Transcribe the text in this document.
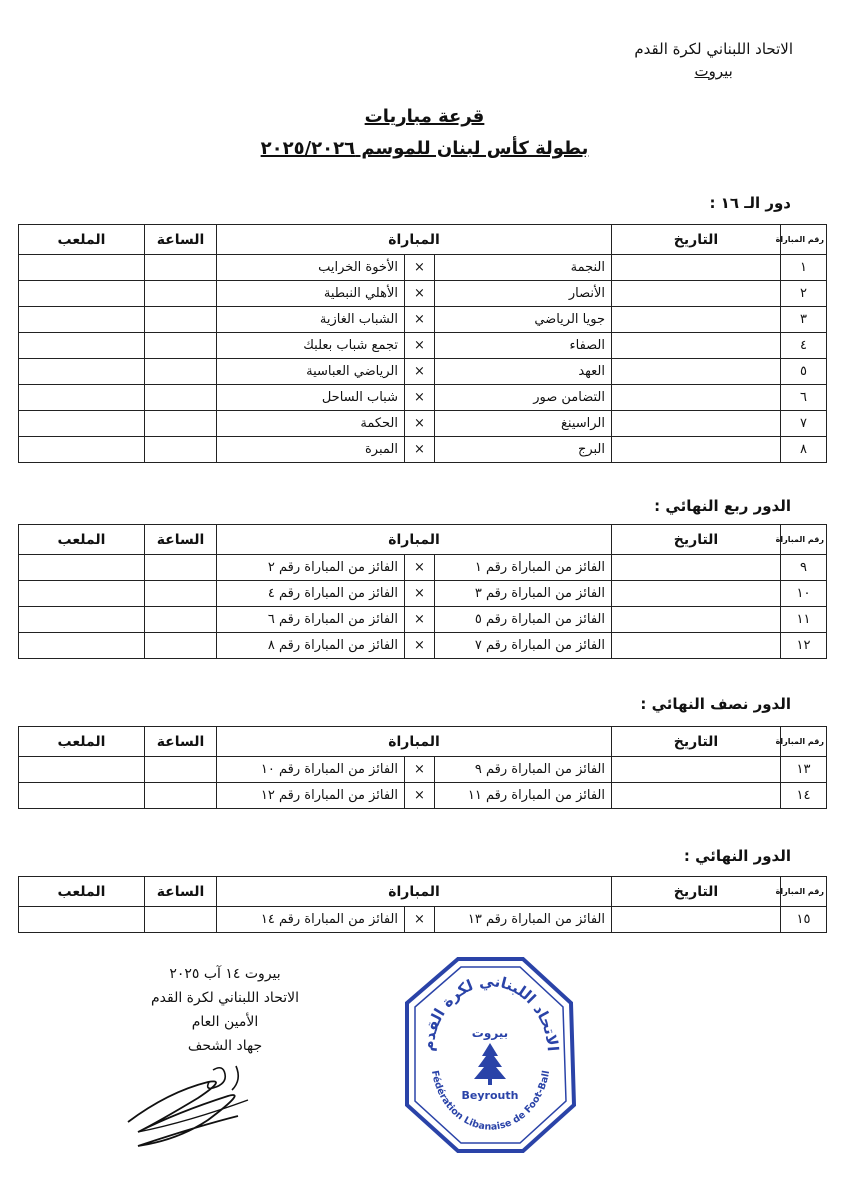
الاتحاد اللبناني لكرة القدم
بيروت
قرعة مباريات
بطولة كأس لبنان للموسم ٢٠٢٥/٢٠٢٦
دور الـ ١٦ :
رقم المباراة	التاريخ	المباراة			الساعة	الملعب
١		النجمة	×	الأخوة الخرايب		
٢		الأنصار	×	الأهلي النبطية		
٣		جويا الرياضي	×	الشباب الغازية		
٤		الصفاء	×	تجمع شباب بعلبك		
٥		العهد	×	الرياضي العباسية		
٦		التضامن صور	×	شباب الساحل		
٧		الراسينغ	×	الحكمة		
٨		البرج	×	المبرة		
الدور ربع النهائي :
رقم المباراة	التاريخ	المباراة			الساعة	الملعب
٩		الفائز من المباراة رقم ١	×	الفائز من المباراة رقم ٢		
١٠		الفائز من المباراة رقم ٣	×	الفائز من المباراة رقم ٤		
١١		الفائز من المباراة رقم ٥	×	الفائز من المباراة رقم ٦		
١٢		الفائز من المباراة رقم ٧	×	الفائز من المباراة رقم ٨		
الدور نصف النهائي :
رقم المباراة	التاريخ	المباراة			الساعة	الملعب
١٣		الفائز من المباراة رقم ٩	×	الفائز من المباراة رقم ١٠		
١٤		الفائز من المباراة رقم ١١	×	الفائز من المباراة رقم ١٢		
الدور النهائي :
رقم المباراة	التاريخ	المباراة			الساعة	الملعب
١٥		الفائز من المباراة رقم ١٣	×	الفائز من المباراة رقم ١٤		
بيروت ١٤ آب ٢٠٢٥
الاتحاد اللبناني لكرة القدم
الأمين العام
جهاد الشحف	الاتحاد اللبناني لكرة القدم
Fédération Libanaise de Foot-Ball
بيروت
Beyrouth
